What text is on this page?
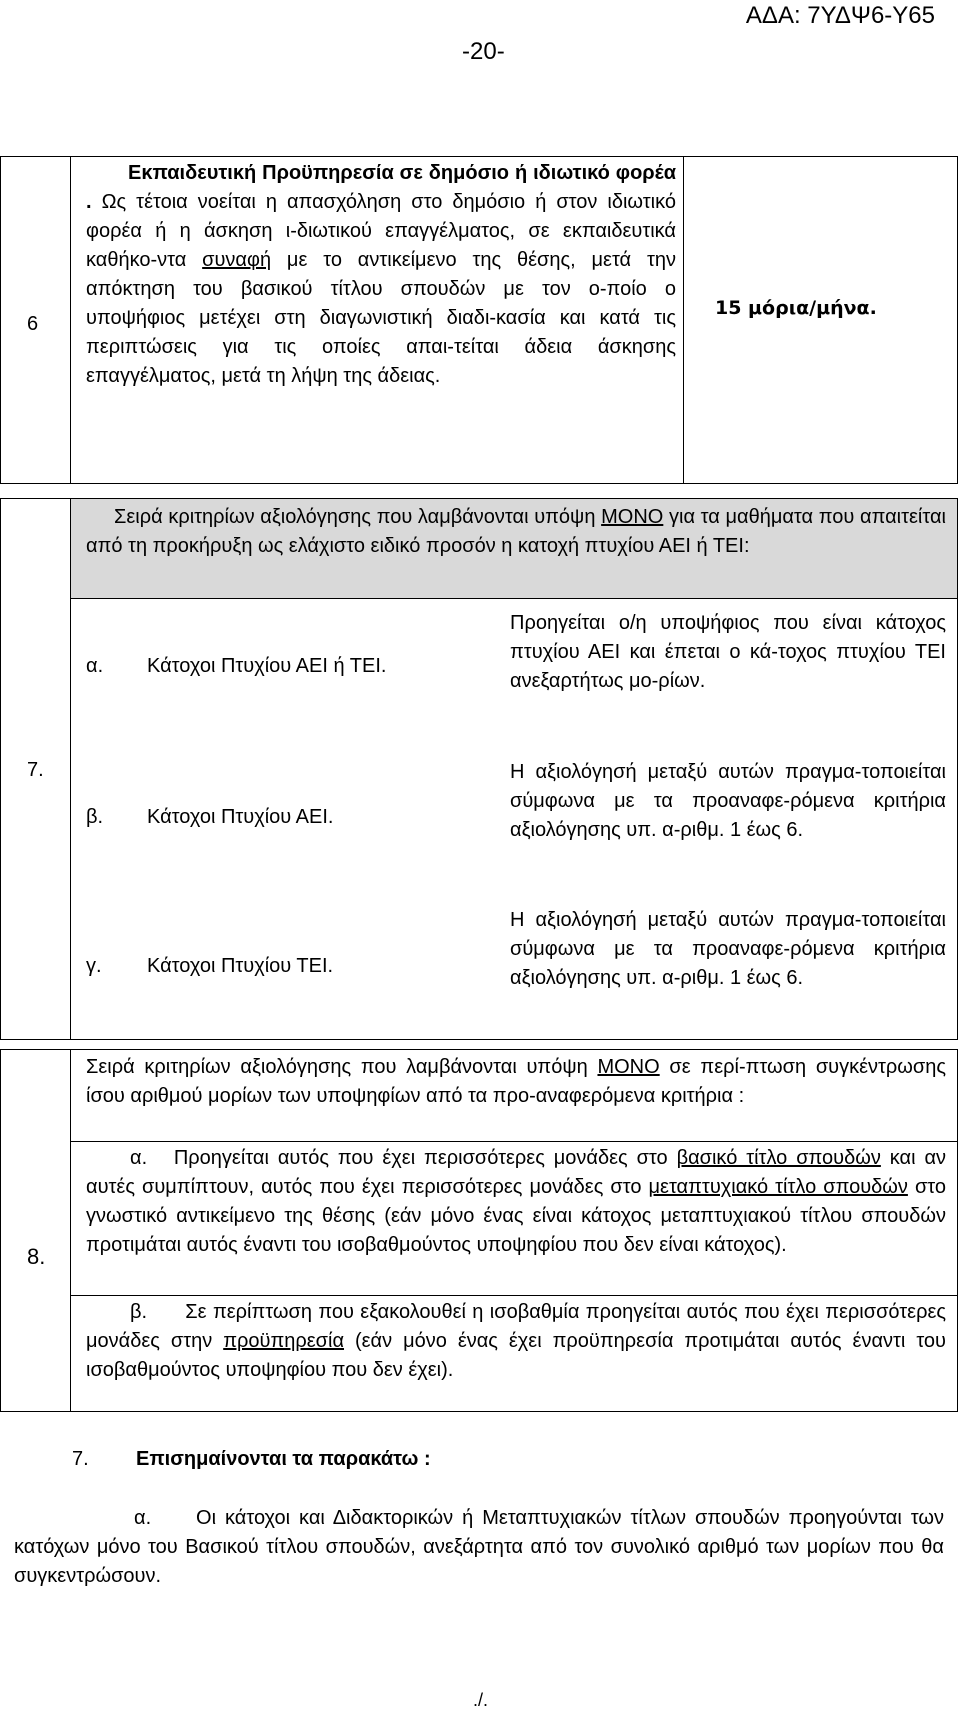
ΑΔΑ: 7ΥΔΨ6-Υ65
-20-
6
Εκπαιδευτική Προϋπηρεσία σε δημόσιο ή ιδιωτικό φορέα . Ως τέτοια νοείται η απασχόληση στο δημόσιο ή στον ιδιωτικό φορέα ή η άσκηση ι-διωτικού επαγγέλματος, σε εκπαιδευτικά καθήκο-ντα συναφή με το αντικείμενο της θέσης, μετά την απόκτηση του βασικού τίτλου σπουδών με τον ο-ποίο ο υποψήφιος μετέχει στη διαγωνιστική διαδι-κασία και κατά τις περιπτώσεις για τις οποίες απαι-τείται άδεια άσκησης επαγγέλματος, μετά τη λήψη της άδειας.
15 μόρια/μήνα.
Σειρά κριτηρίων αξιολόγησης που λαμβάνονται υπόψη ΜΟΝΟ για τα μαθήματα που απαιτείται από τη προκήρυξη ως ελάχιστο ειδικό προσόν η κατοχή πτυχίου ΑΕΙ ή ΤΕΙ:
7.
α. Κάτοχοι Πτυχίου ΑΕΙ ή ΤΕΙ.
Προηγείται ο/η υποψήφιος που είναι κάτοχος πτυχίου ΑΕΙ και έπεται ο κά-τοχος πτυχίου ΤΕΙ ανεξαρτήτως μο-ρίων.
β. Κάτοχοι Πτυχίου ΑΕΙ.
Η αξιολόγησή μεταξύ αυτών πραγμα-τοποιείται σύμφωνα με τα προαναφε-ρόμενα κριτήρια αξιολόγησης υπ. α-ριθμ. 1 έως 6.
γ. Κάτοχοι Πτυχίου ΤΕΙ.
Η αξιολόγησή μεταξύ αυτών πραγμα-τοποιείται σύμφωνα με τα προαναφε-ρόμενα κριτήρια αξιολόγησης υπ. α-ριθμ. 1 έως 6.
8.
Σειρά κριτηρίων αξιολόγησης που λαμβάνονται υπόψη ΜΟΝΟ σε περί-πτωση συγκέντρωσης ίσου αριθμού μορίων των υποψηφίων από τα προ-αναφερόμενα κριτήρια :
α. Προηγείται αυτός που έχει περισσότερες μονάδες στο βασικό τίτλο σπουδών και αν αυτές συμπίπτουν, αυτός που έχει περισσότερες μονάδες στο μεταπτυχιακό τίτλο σπουδών στο γνωστικό αντικείμενο της θέσης (εάν μόνο ένας είναι κάτοχος μεταπτυχιακού τίτλου σπουδών προτιμάται αυτός έναντι του ισοβαθμούντος υποψηφίου που δεν είναι κάτοχος).
β. Σε περίπτωση που εξακολουθεί η ισοβαθμία προηγείται αυτός που έχει περισσότερες μονάδες στην προϋπηρεσία (εάν μόνο ένας έχει προϋπηρεσία προτιμάται αυτός έναντι του ισοβαθμούντος υποψηφίου που δεν έχει).
7. Επισημαίνονται τα παρακάτω :
α. Οι κάτοχοι και Διδακτορικών ή Μεταπτυχιακών τίτλων σπουδών προηγούνται των κατόχων μόνο του Βασικού τίτλου σπουδών, ανεξάρτητα από τον συνολικό αριθμό των μορίων που θα συγκεντρώσουν.
./.
